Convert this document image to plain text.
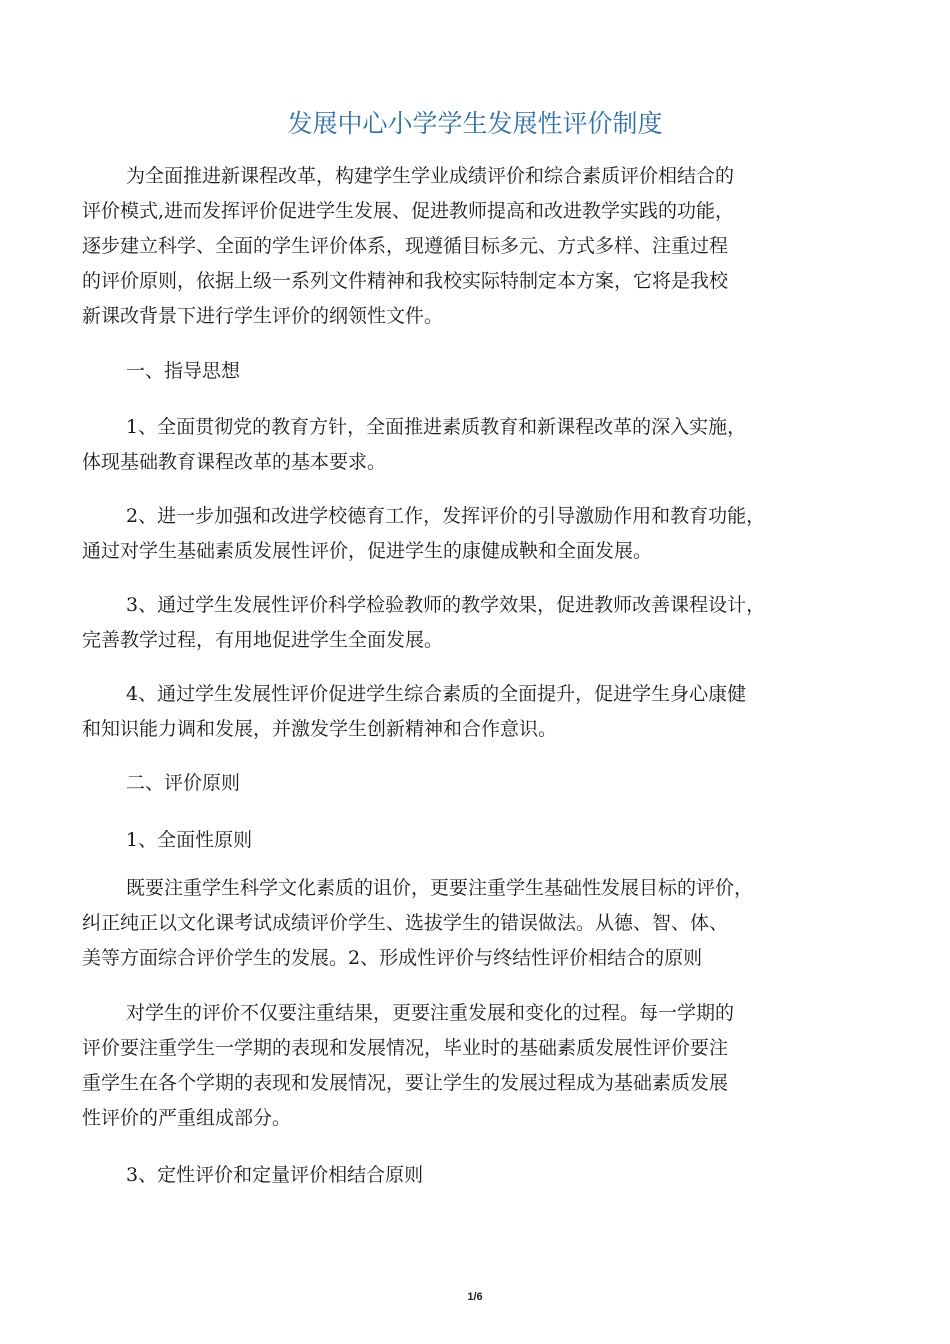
发展中心小学学生发展性评价制度
为全面推进新课程改革，构建学生学业成绩评价和综合素质评价相结合的
评价模式,进而发挥评价促进学生发展、促进教师提高和改进教学实践的功能，
逐步建立科学、全面的学生评价体系，现遵循目标多元、方式多样、注重过程
的评价原则，依据上级一系列文件精神和我校实际特制定本方案，它将是我校
新课改背景下进行学生评价的纲领性文件。
一、指导思想
1、全面贯彻党的教育方针，全面推进素质教育和新课程改革的深入实施，
体现基础教育课程改革的基本要求。
2、进一步加强和改进学校德育工作，发挥评价的引导激励作用和教育功能，
通过对学生基础素质发展性评价，促进学生的康健成鞅和全面发展。
3、通过学生发展性评价科学检验教师的教学效果，促进教师改善课程设计，
完善教学过程，有用地促进学生全面发展。
4、通过学生发展性评价促进学生综合素质的全面提升，促进学生身心康健
和知识能力调和发展，并激发学生创新精神和合作意识。
二、评价原则
1、全面性原则
既要注重学生科学文化素质的诅价，更要注重学生基础性发展目标的评价，
纠正纯正以文化课考试成绩评价学生、选拔学生的错误做法。从德、智、体、
美等方面综合评价学生的发展。2、形成性评价与终结性评价相结合的原则
对学生的评价不仅要注重结果，更要注重发展和变化的过程。每一学期的
评价要注重学生一学期的表现和发展情况，毕业时的基础素质发展性评价要注
重学生在各个学期的表现和发展情况，要让学生的发展过程成为基础素质发展
性评价的严重组成部分。
3、定性评价和定量评价相结合原则
1/6
